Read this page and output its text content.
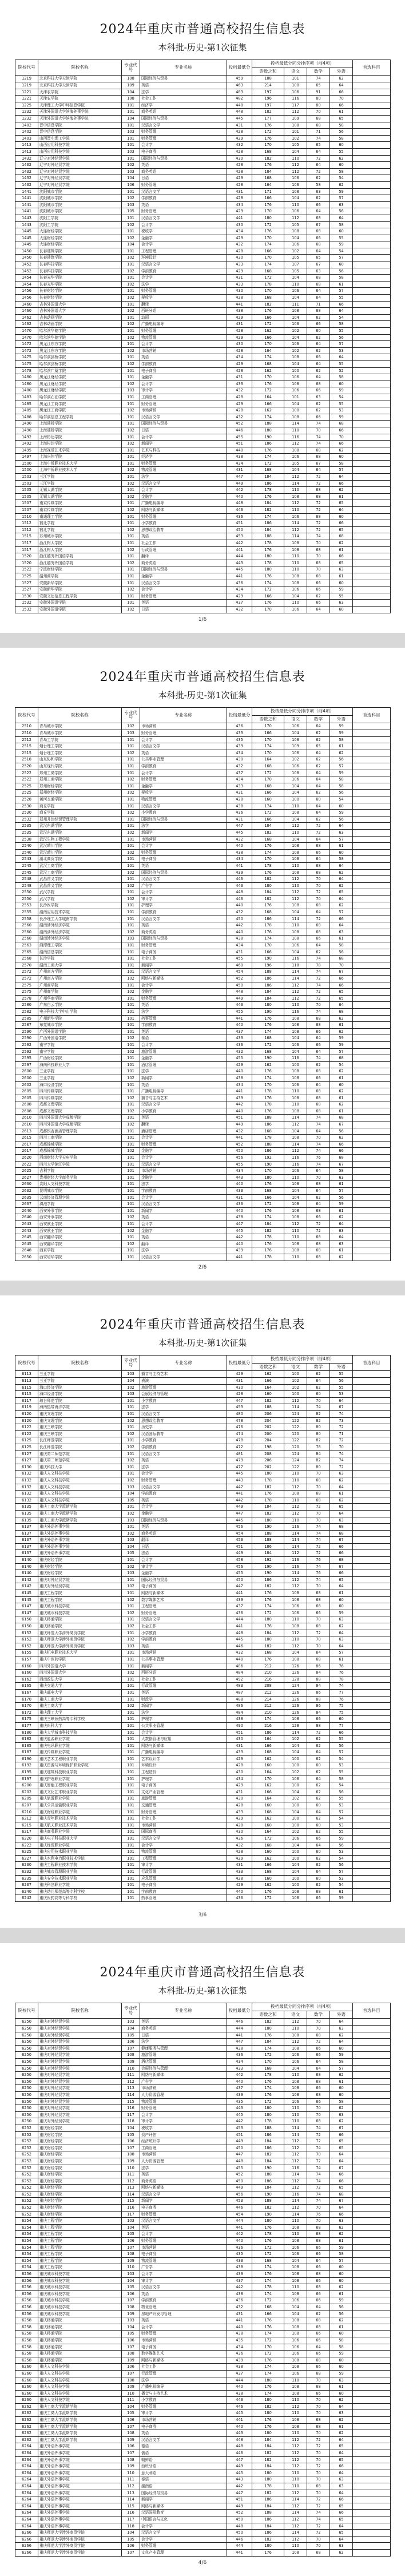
2024年重庆市普通高校招生信息表
本科批-历史-第1次征集
院校代号	院校名称	专业代号	专业名称	投档最低分	投档最低分同分排序项（前4项）				首选科目
					语数之和	语文	数学	外语	
1219	北京科技大学天津学院	108	国际经济与贸易	459	188	101	74	62	
1219	北京科技大学天津学院	109	英语	463	214	100	65	64	
1221	天津农学院	104	法学	483	197	106	91	66	
1221	天津农学院	108	社会工作	482	196	116	80	70	
1225	天津理工大学中环信息学院	101	经济学	448	197	117	80	66	
1232	天津外国语大学滨海外事学院	101	商务英语	448	182	112	70	61	
1232	天津外国语大学滨海外事学院	104	国际经济与贸易	445	177	109	68	65	
1402	晋中信息学院	101	汉语言文学	431	176	108	68	58	
1402	晋中信息学院	103	财务管理	428	172	101	71	56	
1403	山西晋中理工学院	101	财务管理	429	176	102	74	58	
1413	山西应用科技学院	101	会计学	432	170	105	65	60	
1413	山西应用科技学院	103	电子商务	428	168	104	64	55	
1432	辽宁对外经贸学院	101	国际经济与贸易	430	182	110	72	62	
1432	辽宁对外经贸学院	102	英语	428	176	112	64	60	
1432	辽宁对外经贸学院	103	商务英语	428	184	112	72	58	
1432	辽宁对外经贸学院	104	日语	429	168	106	62	54	
1432	辽宁对外经贸学院	106	财务管理	428	164	106	58	62	
1441	沈阳城市学院	101	汉语言文学	431	171	108	63	59	
1441	沈阳城市学院	102	学前教育	428	166	104	62	57	
1441	沈阳城市学院	103	英语	434	176	110	66	63	
1441	沈阳城市学院	105	财务管理	429	170	106	64	56	
1443	沈阳工学院	101	汉语言文学	441	180	112	68	64	
1443	沈阳工学院	102	会计学	430	172	105	67	58	
1445	大连财经学院	101	税收学	434	176	108	68	60	
1445	大连财经学院	102	金融学	429	170	104	66	55	
1445	大连财经学院	104	会计学	432	174	106	68	59	
1450	长春建筑学院	101	工程管理	428	166	102	64	54	
1450	长春建筑学院	102	环境设计	430	170	105	65	57	
1452	长春科技学院	101	汉语言文学	433	174	107	67	60	
1452	长春科技学院	102	学前教育	429	168	105	63	56	
1454	长春光华学院	101	会计学	431	172	104	68	58	
1454	长春光华学院	102	法学	433	178	110	68	61	
1456	长春财经学院	101	财务管理	430	170	106	64	57	
1456	长春财经学院	102	税收学	428	168	104	64	55	
1460	吉林外国语大学	101	翻译	441	182	111	71	66	
1460	吉林外国语大学	102	西班牙语	438	176	108	68	64	
1462	吉林动画学院	101	动画	429	166	104	62	54	
1462	吉林动画学院	102	广播电视编导	431	172	106	66	58	
1470	哈尔滨华德学院	101	财务管理	428	162	102	60	55	
1470	哈尔滨华德学院	102	物流管理	429	166	104	62	56	
1472	黑龙江东方学院	101	会计学	430	170	106	64	57	
1472	黑龙江东方学院	102	市场营销	428	164	102	62	53	
1475	哈尔滨剑桥学院	101	英语	434	174	108	66	64	
1475	哈尔滨剑桥学院	102	学前教育	429	168	104	64	55	
1478	哈尔滨广厦学院	101	电子商务	428	162	100	62	52	
1480	黑龙江财经学院	101	金融学	431	170	106	64	58	
1480	黑龙江财经学院	102	会计学	433	176	108	68	60	
1480	黑龙江财经学院	103	审计学	432	172	106	66	59	
1483	哈尔滨石油学院	101	工商管理	428	164	101	63	54	
1485	黑龙江工商学院	101	财务管理	429	166	104	62	55	
1485	黑龙江工商学院	102	市场营销	428	162	100	62	53	
1488	哈尔滨信息工程学院	101	汉语言文学	432	174	108	66	59	
1490	上海建桥学院	101	国际经济与贸易	452	188	114	74	68	
1490	上海建桥学院	102	日语	446	180	110	70	66	
1492	上海杉达学院	101	会计学	455	190	116	74	70	
1492	上海杉达学院	102	新闻学	451	186	112	74	66	
1495	上海视觉艺术学院	101	艺术与科技	440	176	108	68	62	
1497	上海兴伟学院	101	经济学	438	174	106	68	60	
1500	上海中侨职业技术大学	101	财务管理	434	172	105	67	58	
1500	上海中侨职业技术大学	102	物流管理	431	168	104	64	57	
1503	三江学院	101	法学	447	184	112	72	64	
1503	三江学院	102	汉语言文学	449	186	114	72	66	
1505	无锡太湖学院	101	会计学	442	178	110	68	62	
1505	无锡太湖学院	102	金融学	440	176	108	68	61	
1507	南京传媒学院	101	广播电视编导	448	184	112	72	65	
1507	南京传媒学院	102	网络与新媒体	446	182	110	72	64	
1510	南通理工学院	101	财务管理	436	174	106	68	60	
1512	宿迁学院	101	小学教育	451	186	114	72	66	
1512	宿迁学院	102	思想政治教育	450	184	112	72	65	
1515	苏州城市学院	101	英语	453	188	114	74	68	
1517	浙江树人学院	101	社会工作	442	178	108	70	62	
1517	浙江树人学院	102	行政管理	441	176	108	68	61	
1520	浙江越秀外国语学院	101	翻译	444	180	110	70	66	
1520	浙江越秀外国语学院	102	商务英语	443	178	110	68	65	
1522	宁波财经学院	101	国际经济与贸易	445	180	110	70	63	
1525	温州商学院	101	金融学	441	176	108	68	61	
1527	安徽新华学院	101	汉语言文学	436	174	108	66	60	
1527	安徽新华学院	102	会计学	434	172	106	66	59	
1530	安徽文达信息工程学院	101	财务管理	429	166	104	62	55	
1532	安徽外国语学院	101	英语	437	176	110	66	63	
1532	安徽外国语学院	102	日语	432	170	106	64	60	
1/6
2024年重庆市普通高校招生信息表
本科批-历史-第1次征集
院校代号	院校名称	专业代号	专业名称	投档最低分	投档最低分同分排序项（前4项）				首选科目
					语数之和	语文	数学	外语	
2510	青岛城市学院	102	市场营销	436	170	106	64	59	
2510	青岛城市学院	103	财务管理	433	166	104	62	59	
2512	青岛工学院	101	会计学	435	170	108	62	58	
2515	烟台理工学院	101	汉语言文学	439	174	109	65	61	
2515	烟台理工学院	102	英语	434	170	106	64	62	
2518	山东协和学院	101	公共事业管理	430	164	102	62	56	
2520	山东现代学院	101	学前教育	432	168	106	62	57	
2522	郑州工商学院	101	会计学	437	172	108	64	59	
2522	郑州工商学院	102	财务管理	434	170	106	64	58	
2525	郑州财经学院	101	金融学	433	168	104	64	58	
2525	郑州财经学院	102	税收学	431	166	104	62	56	
2528	黄河交通学院	101	物流管理	428	160	100	60	54	
2530	商丘学院	101	汉语言文学	438	174	110	64	60	
2530	商丘学院	102	小学教育	436	172	108	64	59	
2532	郑州升达经贸管理学院	101	国际经济与贸易	431	166	104	62	56	
2535	武汉东湖学院	101	法学	447	184	112	72	64	
2535	武汉东湖学院	102	新闻学	445	182	110	72	63	
2538	武汉生物工程学院	101	市场营销	432	168	104	64	57	
2540	武汉晴川学院	101	会计学	440	176	108	68	61	
2540	武汉晴川学院	102	财务管理	438	174	108	66	60	
2543	湖北商贸学院	101	电子商务	434	170	106	64	58	
2545	武汉工商学院	101	英语	441	178	110	68	64	
2545	武汉工商学院	102	国际经济与贸易	439	176	108	68	62	
2548	武昌首义学院	101	汉语言文学	446	182	112	70	64	
2548	武昌首义学院	102	广告学	443	180	110	70	62	
2550	武汉学院	101	会计学	448	184	112	72	65	
2550	武汉学院	102	审计学	446	182	112	70	64	
2553	长沙医学院	101	护理学	440	176	108	68	62	
2555	湖南应用技术学院	101	学前教育	432	168	104	64	57	
2558	长沙理工大学城南学院	101	汉语言文学	450	186	114	72	66	
2560	湖南涉外经济学院	101	英语	442	178	110	68	64	
2560	湖南涉外经济学院	102	商务英语	440	176	108	68	63	
2560	湖南涉外经济学院	103	国际经济与贸易	438	174	108	66	61	
2563	湘潭理工学院	101	财务管理	434	170	106	64	58	
2565	湖南信息学院	101	电子商务	431	166	104	62	56	
2568	长沙学院	101	社会工作	455	190	116	74	68	
2570	湖南工商大学	101	新闻学	460	196	118	78	70	
2572	广州南方学院	101	汉语言文学	454	188	114	74	67	
2572	广州南方学院	102	网络与新媒体	452	186	114	72	66	
2575	广州商学院	101	会计学	450	186	112	74	66	
2575	广州商学院	102	金融学	448	184	112	72	65	
2578	广州华商学院	101	财务管理	449	184	112	72	65	
2580	广东白云学院	101	英语	443	180	110	70	64	
2582	电子科技大学中山学院	101	法学	455	190	116	74	68	
2585	广州新华学院	101	药事管理	441	176	108	68	62	
2587	东莞城市学院	101	学前教育	440	176	108	68	61	
2590	广西外国语学院	101	英语	437	174	108	66	62	
2590	广西外国语学院	102	泰语	433	168	104	64	59	
2592	南宁学院	101	会计学	436	172	106	66	59	
2592	南宁学院	102	旅游管理	432	168	104	64	57	
2595	广西财经学院	101	金融学	455	190	116	74	68	
2597	海南科技职业大学	101	酒店管理	429	162	100	62	54	
2600	三亚学院	101	法学	440	176	108	68	62	
2600	三亚学院	102	新闻学	438	174	108	66	61	
2602	海口经济学院	101	英语	434	170	106	64	60	
2605	四川传媒学院	101	广播电视编导	441	178	110	68	62	
2605	四川传媒学院	102	播音与主持艺术	439	176	108	68	61	
2608	成都文理学院	101	汉语言文学	442	178	110	68	62	
2608	成都文理学院	102	小学教育	440	176	108	68	61	
2610	四川外国语大学成都学院	101	英语	451	188	114	74	68	
2610	四川外国语大学成都学院	102	翻译	449	186	112	74	67	
2613	成都银杏酒店管理学院	101	酒店管理	432	168	104	64	56	
2615	四川工商学院	101	会计学	441	178	108	70	62	
2617	成都锦城学院	101	财务管理	452	188	114	74	66	
2617	成都锦城学院	102	金融学	450	186	112	74	66	
2620	西南财经大学天府学院	101	会计学	456	192	116	76	68	
2622	四川大学锦江学院	101	汉语言文学	455	190	116	74	67	
2625	吉利学院	101	市场营销	434	170	106	64	58	
2627	贵州财经大学商务学院	101	金融学	443	180	110	70	63	
2630	贵阳人文科技学院	101	法学	440	176	108	68	61	
2632	昆明城市学院	101	学前教育	433	168	104	64	57	
2635	云南经济管理学院	101	会计学	431	166	104	62	56	
2637	滇池学院	101	汉语言文学	436	172	108	64	59	
2640	西安外事学院	101	新闻学	440	176	108	68	61	
2640	西安外事学院	102	英语	438	174	108	66	62	
2643	西安欧亚学院	101	会计学	447	184	112	72	64	
2643	西安欧亚学院	102	金融学	445	182	110	72	63	
2645	西安翻译学院	101	英语	442	178	110	68	64	
2645	西安翻译学院	102	翻译	440	176	108	68	63	
2648	西京学院	101	法学	439	176	108	68	61	
2650	西安培华学院	101	汉语言文学	441	178	110	68	62	
2/6
2024年重庆市普通高校招生信息表
本科批-历史-第1次征集
院校代号	院校名称	专业代号	专业名称	投档最低分	投档最低分同分排序项（前4项）				首选科目
					语数之和	语文	数学	外语	
6113	三亚学院	103	播音与主持艺术	429	162	100	62	55	
6113	三亚学院	104	表演	431	166	102	64	56	
6115	海口经济学院	102	旅游管理	430	164	102	62	55	
6115	海口经济学院	103	会展经济与管理	428	160	100	60	53	
6117	琼台师范学院	101	小学教育	447	182	112	70	64	
6119	海南热带海洋学院	101	法学	453	188	114	74	67	
6120	重庆文理学院	101	汉语言文学	480	206	124	82	74	
6120	重庆文理学院	102	思想政治教育	478	204	122	82	73	
6122	重庆三峡学院	101	历史学	476	202	122	80	72	
6122	重庆三峡学院	102	汉语国际教育	474	200	120	80	71	
6125	长江师范学院	101	小学教育	478	204	122	82	72	
6125	长江师范学院	102	学前教育	472	198	120	78	70	
6127	重庆第二师范学院	101	汉语言文学	481	208	124	84	74	
6127	重庆第二师范学院	102	英语	479	206	124	82	74	
6130	重庆科技大学	101	法学	477	202	122	80	72	
6132	重庆人文科技学院	101	会计学	445	180	110	70	63	
6132	重庆人文科技学院	102	财务管理	443	178	110	68	62	
6132	重庆人文科技学院	103	汉语言文学	447	182	112	70	64	
6132	重庆人文科技学院	104	学前教育	441	176	108	68	61	
6132	重庆人文科技学院	105	英语	442	178	110	68	62	
6135	重庆工商大学派斯学院	101	会计学	449	184	112	72	65	
6135	重庆工商大学派斯学院	102	金融学	447	182	112	70	64	
6135	重庆工商大学派斯学院	103	国际经济与贸易	445	180	110	70	63	
6137	重庆外语外事学院	101	英语	456	190	116	74	68	
6137	重庆外语外事学院	102	商务英语	454	188	114	74	68	
6137	重庆外语外事学院	103	翻译	453	188	114	74	67	
6137	重庆外语外事学院	104	日语	451	186	114	72	66	
6137	重庆外语外事学院	105	法语	449	184	112	72	66	
6140	重庆财经学院	101	会计学	458	192	116	76	68	
6140	重庆财经学院	102	审计学	456	190	116	74	67	
6140	重庆财经学院	103	金融学	455	190	114	76	66	
6142	重庆对外经贸学院	101	国际经济与贸易	450	186	112	74	65	
6142	重庆对外经贸学院	102	电子商务	447	182	112	70	64	
6145	重庆工程学院	101	网络与新媒体	441	176	108	68	61	
6145	重庆工程学院	102	数字媒体艺术	439	176	108	68	60	
6147	重庆城市科技学院	101	工程管理	437	174	106	68	60	
6147	重庆城市科技学院	102	财务管理	436	172	106	66	59	
6150	重庆移通学院	101	汉语言文学	444	180	110	70	63	
6150	重庆移通学院	102	社会工作	441	176	108	68	62	
6152	重庆师范大学涉外商贸学院	101	小学教育	448	184	112	72	64	
6152	重庆师范大学涉外商贸学院	102	学前教育	445	180	110	70	63	
6152	重庆师范大学涉外商贸学院	103	英语	446	182	112	70	64	
6155	重庆机电职业技术大学	101	市场营销	432	168	104	64	57	
6157	重庆中医药学院	101	公共事业管理	440	176	108	68	61	
6160	四川外国语大学	101	新闻学	486	212	126	86	76	
6160	四川外国语大学	102	西班牙语	484	210	126	84	76	
6162	西南政法大学	101	社会工作	492	216	128	88	78	
6165	重庆交通大学	101	行政管理	483	208	124	84	74	
6167	重庆邮电大学	101	英语	487	212	126	86	77	
6170	重庆工商大学	101	财政学	488	214	126	88	76	
6170	重庆工商大学	102	新闻学	486	212	126	86	75	
6172	重庆理工大学	101	法学	484	210	126	84	75	
6175	重庆三峡医药高等专科学校	101	护理学	438	174	108	66	60	
6177	重庆医科大学	101	公共事业管理	490	216	128	88	77	
6180	重庆大学城市科技学院	101	会计学	451	186	114	72	66	
6182	重庆能源职业学院	101	大数据管理与应用	430	164	102	62	55	
6185	重庆电讯职业学院	101	网络与新媒体	431	166	104	62	56	
6187	重庆传媒职业学院	101	广播电视编导	433	168	104	64	57	
6190	重庆艺术工程职业学院	101	艺术设计学	429	162	100	62	54	
6192	重庆资源与环境保护职业学院	101	环境设计	428	160	100	60	53	
6195	重庆建筑科技职业学院	101	工程造价	430	164	102	62	55	
6197	重庆护理职业学院	101	护理学	434	170	106	64	58	
6200	重庆智能工程职业学院	101	电子商务	429	162	100	62	54	
6202	重庆文化艺术职业学院	101	文化产业管理	431	166	104	62	56	
6205	重庆旅游职业学院	101	旅游管理	430	164	102	62	55	
6207	重庆公共运输职业学院	101	交通管理	428	160	100	60	53	
6210	重庆财经职业学院	101	财务管理	433	168	104	64	57	
6212	重庆青年职业技术学院	101	社会工作	429	162	100	62	54	
6215	重庆航天职业技术学院	101	市场营销	428	160	100	60	53	
6217	重庆商务职业学院	101	国际商务	430	164	102	62	55	
6220	重庆电子科技职业大学	101	汉语言文学	436	172	106	66	59	
6222	重庆经贸职业学院	101	会计学	432	168	104	64	56	
6225	重庆应用技术职业学院	101	物流管理	428	160	100	60	53	
6227	重庆水利电力职业技术学院	101	工程管理	429	162	100	62	54	
6230	重庆工程职业技术学院	101	审计学	431	166	104	62	56	
6232	重庆城市管理职业学院	101	行政管理	433	168	104	64	57	
6235	重庆安全技术职业学院	101	应急管理	428	160	100	60	53	
6237	重庆科创职业学院	101	电子商务	429	162	100	62	54	
6240	重庆幼儿师范高等专科学校	101	学前教育	440	176	108	68	61	
6242	重庆医药高等专科学校	101	药事管理	436	172	106	66	59	
3/6
2024年重庆市普通高校招生信息表
本科批-历史-第1次征集
院校代号	院校名称	专业代号	专业名称	投档最低分	投档最低分同分排序项（前4项）				首选科目
					语数之和	语文	数学	外语	
6250	重庆对外经贸学院	103	英语	446	182	112	70	64	
6250	重庆对外经贸学院	104	商务英语	444	180	110	70	63	
6250	重庆对外经贸学院	105	日语	441	176	108	68	62	
6250	重庆对外经贸学院	106	法学	447	184	112	72	64	
6250	重庆对外经贸学院	107	健康服务与管理	438	174	108	66	60	
6250	重庆对外经贸学院	108	旅游管理	436	172	106	66	59	
6250	重庆对外经贸学院	109	酒店管理	434	170	106	64	58	
6250	重庆对外经贸学院	110	会展经济与管理	433	168	104	64	57	
6250	重庆对外经贸学院	111	网络与新媒体	442	178	110	68	62	
6250	重庆对外经贸学院	112	广告学	440	176	108	68	61	
6250	重庆对外经贸学院	113	市场营销	437	174	108	66	60	
6250	重庆对外经贸学院	114	人力资源管理	439	176	108	68	60	
6250	重庆对外经贸学院	115	物流管理	435	172	106	66	58	
6250	重庆对外经贸学院	116	财务管理	443	180	110	70	62	
6250	重庆对外经贸学院	117	会计学	445	180	110	70	63	
6250	重庆对外经贸学院	118	审计学	442	178	110	68	62	
6252	重庆财经学院	104	税收学	453	188	114	74	67	
6252	重庆财经学院	105	资产评估	451	186	114	72	66	
6252	重庆财经学院	106	经济统计学	449	184	112	72	65	
6252	重庆财经学院	107	工商管理	450	186	112	74	65	
6252	重庆财经学院	108	市场营销	447	182	112	70	64	
6252	重庆财经学院	109	人力资源管理	448	184	112	72	64	
6252	重庆财经学院	110	法学	455	190	116	74	67	
6252	重庆财经学院	111	英语	452	188	114	74	66	
6252	重庆财经学院	112	商务英语	450	186	112	74	66	
6252	重庆财经学院	113	网络与新媒体	449	184	112	72	65	
6252	重庆财经学院	114	汉语言文学	456	190	116	74	68	
6252	重庆财经学院	115	新闻学	453	188	114	74	67	
6252	重庆财经学院	116	电子商务	446	182	112	70	64	
6252	重庆财经学院	117	财务管理	454	190	114	76	66	
6254	重庆工程学院	103	汉语言文学	444	180	110	70	63	
6254	重庆工程学院	104	英语	441	176	108	68	62	
6254	重庆工程学院	105	会计学	442	178	110	68	62	
6254	重庆工程学院	106	财务管理	440	176	108	68	61	
6254	重庆工程学院	107	市场营销	436	172	106	66	59	
6254	重庆工程学院	108	电子商务	435	172	106	66	58	
6254	重庆工程学院	109	物流管理	433	168	104	64	57	
6254	重庆工程学院	110	广告学	438	174	108	66	60	
6256	重庆城市科技学院	103	会计学	439	176	108	68	60	
6256	重庆城市科技学院	104	审计学	437	174	108	66	60	
6256	重庆城市科技学院	105	汉语言文学	442	178	110	68	62	
6256	重庆城市科技学院	106	英语	438	174	108	66	61	
6256	重庆城市科技学院	107	学前教育	436	172	106	66	59	
6256	重庆城市科技学院	108	物业管理	432	168	104	64	56	
6256	重庆城市科技学院	109	房地产开发与管理	431	166	104	62	56	
6258	重庆移通学院	103	英语	441	176	108	68	62	
6258	重庆移通学院	104	会计学	440	176	108	68	61	
6258	重庆移通学院	105	财务管理	438	174	108	66	60	
6258	重庆移通学院	106	市场营销	435	172	106	66	58	
6258	重庆移通学院	107	电子商务	434	170	106	64	58	
6258	重庆移通学院	108	数字媒体艺术	436	172	106	66	59	
6258	重庆移通学院	109	网络与新媒体	439	176	108	68	60	
6260	重庆人文科技学院	106	社会工作	438	174	108	66	60	
6260	重庆人文科技学院	107	行政管理	437	174	106	68	59	
6260	重庆人文科技学院	108	法学	444	180	110	70	63	
6260	重庆人文科技学院	109	广播电视编导	440	176	108	68	61	
6260	重庆人文科技学院	110	播音与主持艺术	438	174	108	66	60	
6260	重庆人文科技学院	111	小学教育	443	180	110	70	62	
6262	重庆工商大学派斯学院	104	财务管理	446	182	112	70	64	
6262	重庆工商大学派斯学院	105	审计学	445	180	110	70	63	
6262	重庆工商大学派斯学院	106	市场营销	441	176	108	68	62	
6262	重庆工商大学派斯学院	107	电子商务	440	176	108	68	61	
6262	重庆工商大学派斯学院	108	英语	443	180	110	70	62	
6262	重庆工商大学派斯学院	109	汉语言文学	448	184	112	72	64	
6264	重庆外语外事学院	106	德语	448	184	112	72	65	
6264	重庆外语外事学院	107	俄语	446	182	112	70	64	
6264	重庆外语外事学院	108	朝鲜语	447	182	112	70	65	
6264	重庆外语外事学院	109	西班牙语	449	184	112	72	66	
6264	重庆外语外事学院	110	意大利语	445	180	110	70	64	
6264	重庆外语外事学院	111	泰语	443	180	110	70	63	
6264	重庆外语外事学院	112	越南语	442	178	110	68	63	
6264	重庆外语外事学院	113	国际经济与贸易	447	182	112	70	64	
6264	重庆外语外事学院	114	新闻学	451	186	114	72	66	
6264	重庆外语外事学院	115	网络与新媒体	449	184	112	72	65	
6264	重庆外语外事学院	116	汉语国际教育	452	188	114	74	66	
6264	重庆外语外事学院	117	中国语言与文化	450	186	112	74	65	
6264	重庆外语外事学院	118	会计学	448	184	112	72	64	
6266	重庆师范大学涉外商贸学院	104	汉语言文学	450	186	114	72	65	
6266	重庆师范大学涉外商贸学院	105	会计学	446	182	112	70	64	
6266	重庆师范大学涉外商贸学院	106	财务管理	444	180	110	70	63	
6266	重庆师范大学涉外商贸学院	107	文化产业管理	441	176	108	68	62	
4/6
